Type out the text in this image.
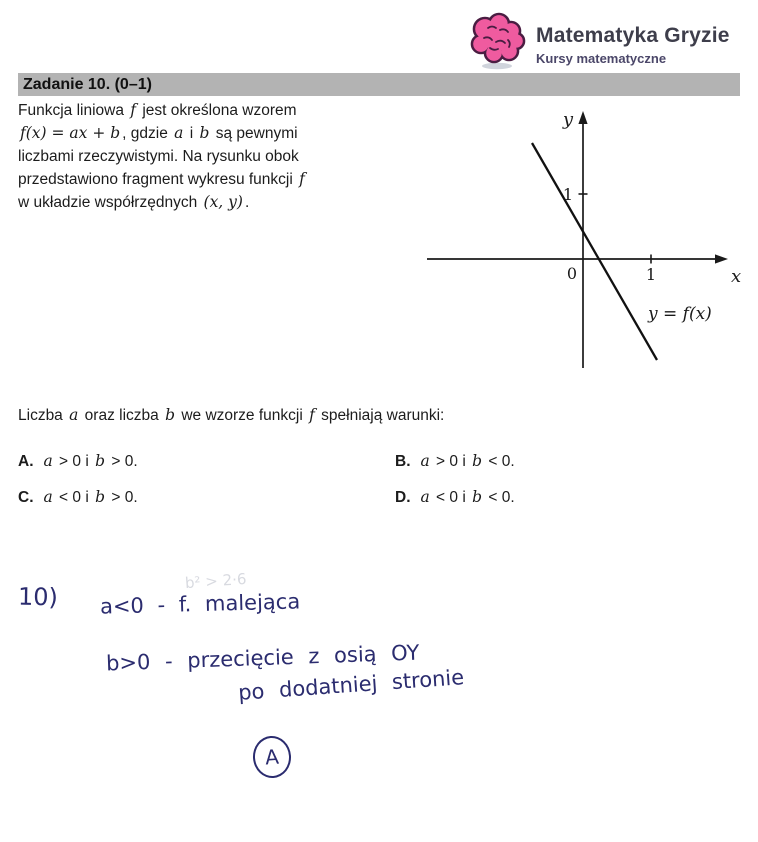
Matematyka Gryzie
Kursy matematyczne
Zadanie 10. (0–1)
Funkcja liniowa f jest określona wzorem
f(x) = ax + b , gdzie a i b są pewnymi
liczbami rzeczywistymi. Na rysunku obok
przedstawiono fragment wykresu funkcji f
w układzie współrzędnych (x, y) .
y
x
0	1
1
y = f(x)
Liczba a oraz liczba b we wzorze funkcji f spełniają warunki:
A. a > 0 i b > 0.	B. a > 0 i b < 0.
C. a < 0 i b > 0.	D. a < 0 i b < 0.
10)
b² > 2·6
a<0 - f. malejąca
b>0 - przecięcie z osią OY
po dodatniej stronie
A
